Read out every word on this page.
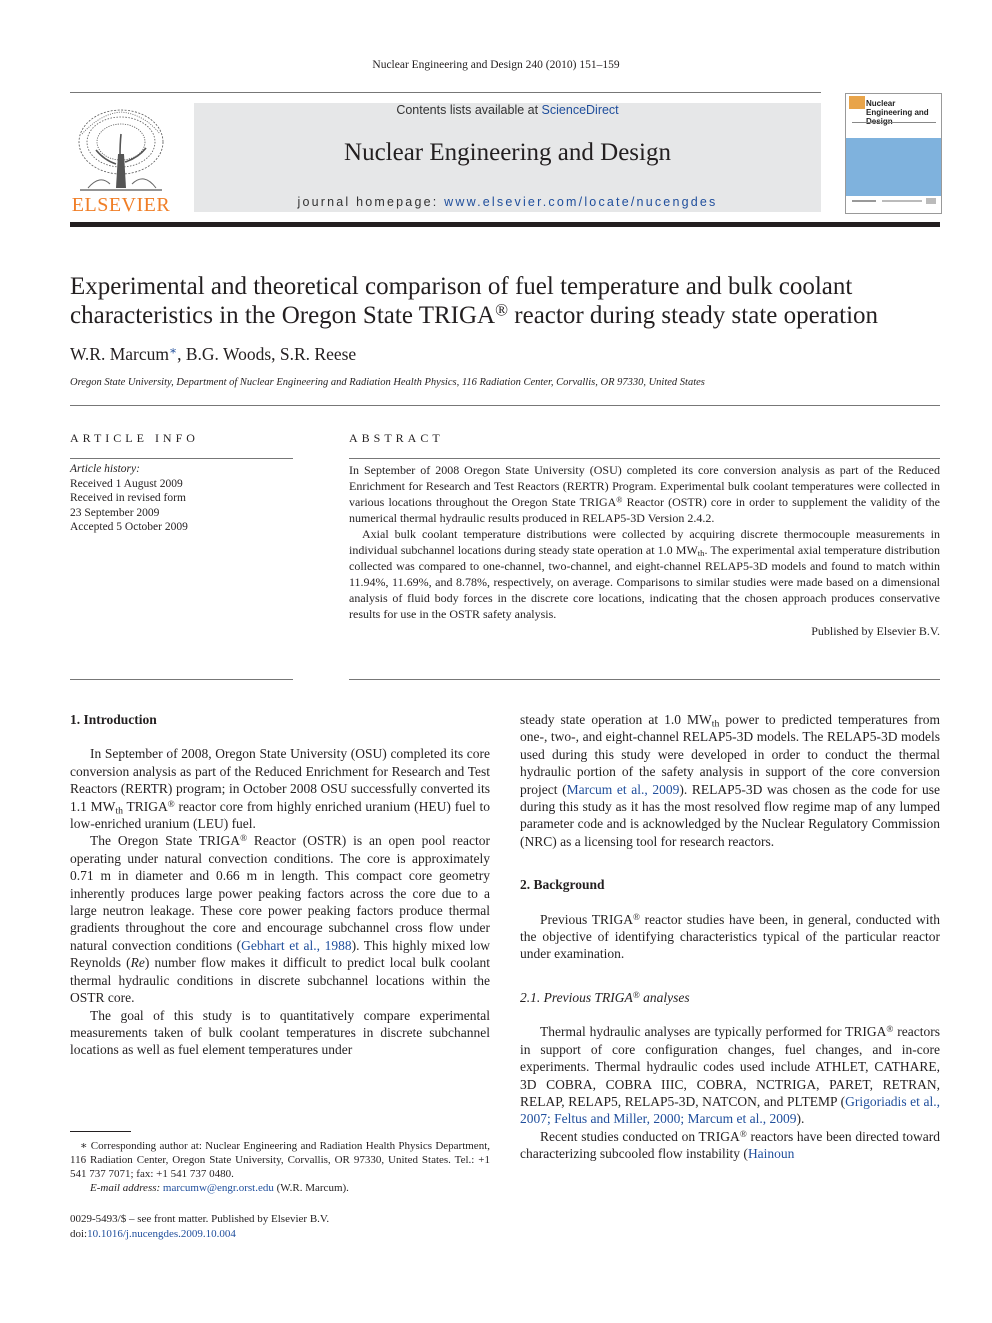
Nuclear Engineering and Design 240 (2010) 151–159
ELSEVIER
Contents lists available at ScienceDirect
Nuclear Engineering and Design
journal homepage: www.elsevier.com/locate/nucengdes
Nuclear Engineering and
Experimental and theoretical comparison of fuel temperature and bulk coolant characteristics in the Oregon State TRIGA® reactor during steady state operation
W.R. Marcum∗, B.G. Woods, S.R. Reese
Oregon State University, Department of Nuclear Engineering and Radiation Health Physics, 116 Radiation Center, Corvallis, OR 97330, United States
ARTICLE INFO	ABSTRACT
Article history:
Received 1 August 2009
Received in revised form
23 September 2009
Accepted 5 October 2009

In September of 2008 Oregon State University (OSU) completed its core conversion analysis as part of the Reduced Enrichment for Research and Test Reactors (RERTR) Program. Experimental bulk coolant temperatures were collected in various locations throughout the Oregon State TRIGA® Reactor (OSTR) core in order to supplement the validity of the numerical thermal hydraulic results produced in RELAP5-3D Version 2.4.2.

Axial bulk coolant temperature distributions were collected by acquiring discrete thermocouple measurements in individual subchannel locations during steady state operation at 1.0 $MW_{th}$. The experimental axial temperature distribution collected was compared to one-channel, two-channel, and eight-channel RELAP5-3D models and found to match within 11.94%, 11.69%, and 8.78%, respectively, on average. Comparisons to similar studies were made based on a dimensional analysis of fluid body forces in the discrete core locations, indicating that the chosen approach produces conservative results for use in the OSTR safety analysis.

Published by Elsevier B.V.

1. Introduction

In September of 2008, Oregon State University (OSU) completed its core conversion analysis as part of the Reduced Enrichment for Research and Test Reactors (RERTR) program; in October 2008 OSU successfully converted its 1.1 $MW_{th}$ TRIGA® reactor core from highly enriched uranium (HEU) fuel to low-enriched uranium (LEU) fuel.

The Oregon State TRIGA® Reactor (OSTR) is an open pool reactor operating under natural convection conditions. The core is approximately 0.71 m in diameter and 0.66 m in length. This compact core geometry inherently produces large power peaking factors across the core due to a large neutron leakage. These core power peaking factors produce thermal gradients throughout the core and encourage subchannel cross flow under natural convection conditions (Gebhart et al., 1988). This highly mixed low Reynolds (Re) number flow makes it difficult to predict local bulk coolant thermal hydraulic conditions in discrete subchannel locations within the OSTR core.

The goal of this study is to quantitatively compare experimental measurements taken of bulk coolant temperatures in discrete subchannel locations as well as fuel element temperatures under

steady state operation at 1.0 $MW_{th}$ power to predicted temperatures from one-, two-, and eight-channel RELAP5-3D models. The RELAP5-3D models used during this study were developed in order to conduct the thermal hydraulic portion of the safety analysis in support of the core conversion project (Marcum et al., 2009). RELAP5-3D was chosen as the code for use during this study as it has the most resolved flow regime map of any lumped parameter code and is acknowledged by the Nuclear Regulatory Commission (NRC) as a licensing tool for research reactors.

2. Background

Previous TRIGA® reactor studies have been, in general, conducted with the objective of identifying characteristics typical of the particular reactor under examination.

2.1. Previous TRIGA® analyses

Thermal hydraulic analyses are typically performed for TRIGA® reactors in support of core configuration changes, fuel changes, and in-core experiments. Thermal hydraulic codes used include ATHLET, CATHARE, 3D COBRA, COBRA IIIC, COBRA, NCTRIGA, PARET, RETRAN, RELAP, RELAP5, RELAP5-3D, NATCON, and PLTEMP (Grigoriadis et al., 2007; Feltus and Miller, 2000; Marcum et al., 2009).

Recent studies conducted on TRIGA® reactors have been directed toward characterizing subcooled flow instability (Hainoun

∗ Corresponding author at: Nuclear Engineering and Radiation Health Physics Department, 116 Radiation Center, Oregon State University, Corvallis, OR 97330, United States. Tel.: +1 541 737 7071; fax: +1 541 737 0480.

E-mail address: marcumw@engr.orst.edu (W.R. Marcum).

0029-5493/$ – see front matter. Published by Elsevier B.V.
doi:10.1016/j.nucengdes.2009.10.004
